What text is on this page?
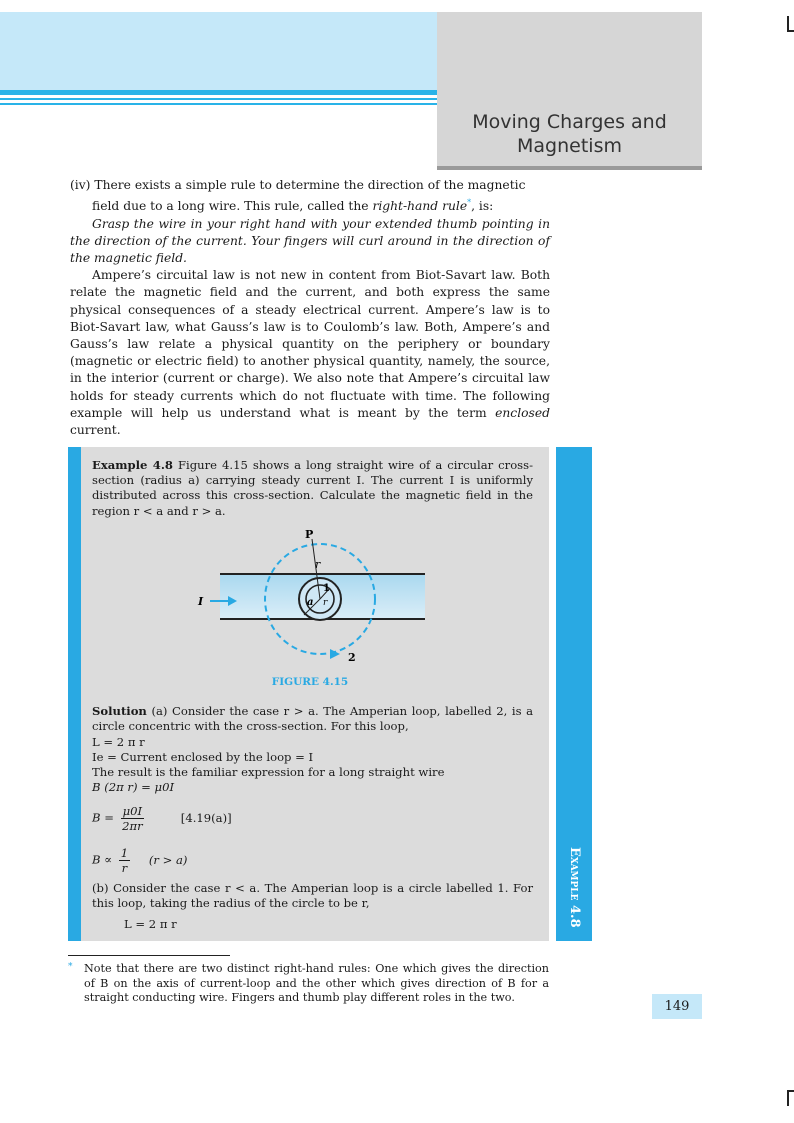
Moving Charges and
Magnetism

(iv) There exists a simple rule to determine the direction of the magnetic

field due to a long wire. This rule, called the right-hand rule*, is:

Grasp the wire in your right hand with your extended thumb pointing in the direction of the current. Your fingers will curl around in the direction of the magnetic field.

Ampere’s circuital law is not new in content from Biot-Savart law. Both relate the magnetic field and the current, and both express the same physical consequences of a steady electrical current. Ampere’s law is to Biot-Savart law, what Gauss’s law is to Coulomb’s law. Both, Ampere’s and Gauss’s law relate a physical quantity on the periphery or boundary (magnetic or electric field) to another physical quantity, namely, the source, in the interior (current or charge). We also note that Ampere’s circuital law holds for steady currents which do not fluctuate with time. The following example will help us understand what is meant by the term enclosed current.

Example 4.8

Example 4.8 Figure 4.15 shows a long straight wire of a circular cross-section (radius a) carrying steady current I. The current I is uniformly distributed across this cross-section. Calculate the magnetic field in the region r < a and r > a.

P
r
1
a r
I
2
FIGURE 4.15

Solution (a) Consider the case r > a. The Amperian loop, labelled 2, is a circle concentric with the cross-section. For this loop,

L = 2 π r
Ie = Current enclosed by the loop = I
The result is the familiar expression for a long straight wire
B (2π r) = μ0I
$B = \frac{\mu 0I}{2\pi r}$	[4.19(a)]
$B \propto \frac{1}{r} (r > a)$

(b) Consider the case r < a. The Amperian loop is a circle labelled 1. For this loop, taking the radius of the circle to be r,

L = 2 π r
*	Note that there are two distinct right-hand rules: One which gives the direction of B on the axis of current-loop and the other which gives direction of B for a straight conducting wire. Fingers and thumb play different roles in the two.
149
